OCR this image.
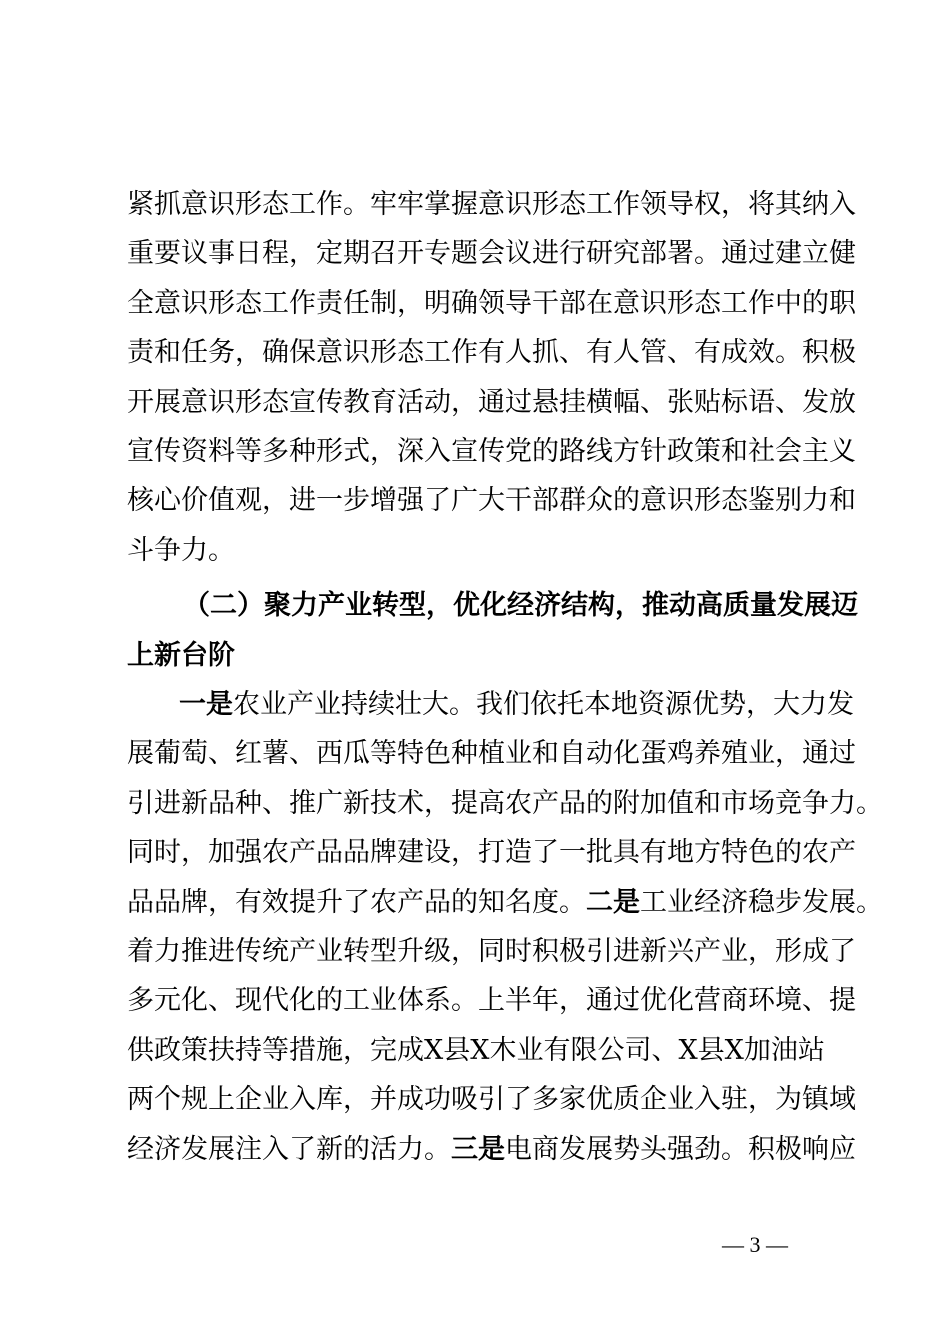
紧抓意识形态工作。牢牢掌握意识形态工作领导权，将其纳入
重要议事日程，定期召开专题会议进行研究部署。通过建立健
全意识形态工作责任制，明确领导干部在意识形态工作中的职
责和任务，确保意识形态工作有人抓、有人管、有成效。积极
开展意识形态宣传教育活动，通过悬挂横幅、张贴标语、发放
宣传资料等多种形式，深入宣传党的路线方针政策和社会主义
核心价值观，进一步增强了广大干部群众的意识形态鉴别力和
斗争力。
（二）聚力产业转型，优化经济结构，推动高质量发展迈
上新台阶
一是农业产业持续壮大。我们依托本地资源优势，大力发
展葡萄、红薯、西瓜等特色种植业和自动化蛋鸡养殖业，通过
引进新品种、推广新技术，提高农产品的附加值和市场竞争力。
同时，加强农产品品牌建设，打造了一批具有地方特色的农产
品品牌，有效提升了农产品的知名度。二是工业经济稳步发展。
着力推进传统产业转型升级，同时积极引进新兴产业，形成了
多元化、现代化的工业体系。上半年，通过优化营商环境、提
供政策扶持等措施，完成X县X木业有限公司、X县X加油站
两个规上企业入库，并成功吸引了多家优质企业入驻，为镇域
经济发展注入了新的活力。三是电商发展势头强劲。积极响应
— 3 —
